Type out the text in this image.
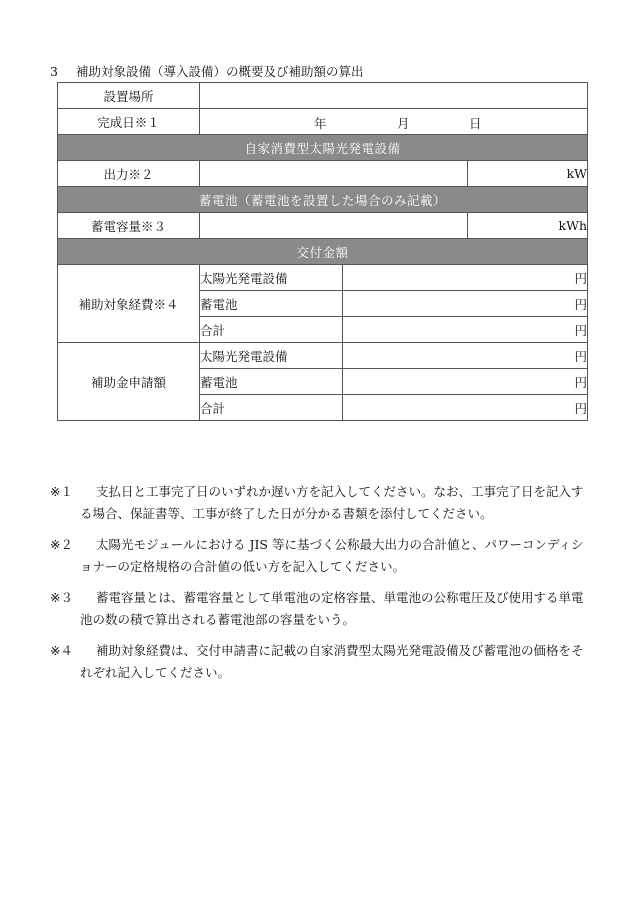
3 補助対象設備（導入設備）の概要及び補助額の算出
設置場所			
完成日※１	年 月 日		

自家消費型太陽光発電設備			
出力※２			kW
蓄電池（蓄電池を設置した場合のみ記載）			
蓄電容量※３			kWh
交付金額			
補助対象経費※４	太陽光発電設備	円	
	蓄電池	円	
	合計	円	
補助金申請額	太陽光発電設備	円	
	蓄電池	円	
	合計	円	
※１	支払日と工事完了日のいずれか遅い方を記入してください。なお、工事完了日を記入する場合、保証書等、工事が終了した日が分かる書類を添付してください。
※２	太陽光モジュールにおける JIS 等に基づく公称最大出力の合計値と、パワーコンディショナーの定格規格の合計値の低い方を記入してください。
※３	蓄電容量とは、蓄電容量として単電池の定格容量、単電池の公称電圧及び使用する単電池の数の積で算出される蓄電池部の容量をいう。
※４	補助対象経費は、交付申請書に記載の自家消費型太陽光発電設備及び蓄電池の価格をそれぞれ記入してください。
